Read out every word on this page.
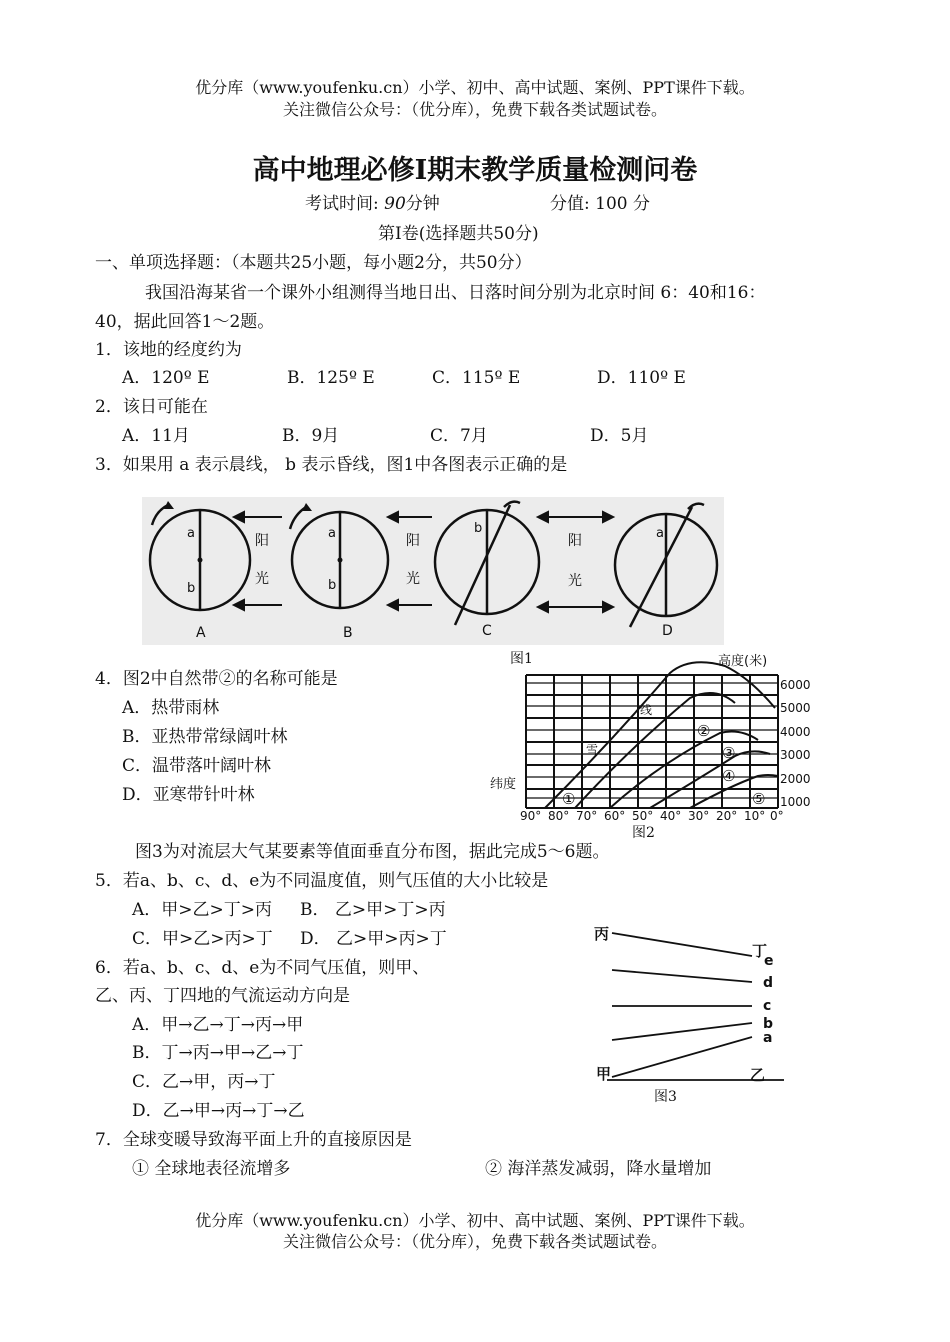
优分库（www.youfenku.cn）小学、初中、高中试题、案例、PPT课件下载。
关注微信公众号：（优分库），免费下载各类试题试卷。
高中地理必修Ⅰ期末教学质量检测问卷
考试时间: 90分钟	分值: 100 分
第Ⅰ卷(选择题共50分)
一、单项选择题：（本题共25小题，每小题2分，共50分）
我国沿海某省一个课外小组测得当地日出、日落时间分别为北京时间 6：40和16：
40，据此回答1～2题。
1．该地的经度约为
A．120º E	B．125º E	C．115º E	D．110º E
2．该日可能在
A．11月	B．9月	C．7月	D．5月
3．如果用 a 表示晨线， b 表示昏线，图1中各图表示正确的是
a
b
a
b
b	a
阳
光
阳
光
阳
光
A	B	C	D
图1
4．图2中自然带②的名称可能是
A．热带雨林
B．亚热带常绿阔叶林
C．温带落叶阔叶林
D．亚寒带针叶林
高度(米)
纬度
线
雪
6000
5000
4000
3000
2000
1000
90° 80° 70° 60° 50° 40° 30° 20° 10° 0°
①
②
③
④
⑤
图2
图3为对流层大气某要素等值面垂直分布图，据此完成5～6题。
5．若a、b、c、d、e为不同温度值，则气压值的大小比较是
A．甲>乙>丁>丙 B． 乙>甲>丁>丙
C．甲>乙>丙>丁 D． 乙>甲>丙>丁
6．若a、b、c、d、e为不同气压值，则甲、
乙、丙、丁四地的气流运动方向是
A．甲→乙→丁→丙→甲
B．丁→丙→甲→乙→丁
C．乙→甲，丙→丁
D．乙→甲→丙→丁→乙
丙
丁
甲	乙
e
d
c
b
a
图3
7．全球变暖导致海平面上升的直接原因是
① 全球地表径流增多	② 海洋蒸发减弱，降水量增加
优分库（www.youfenku.cn）小学、初中、高中试题、案例、PPT课件下载。
关注微信公众号：（优分库），免费下载各类试题试卷。
